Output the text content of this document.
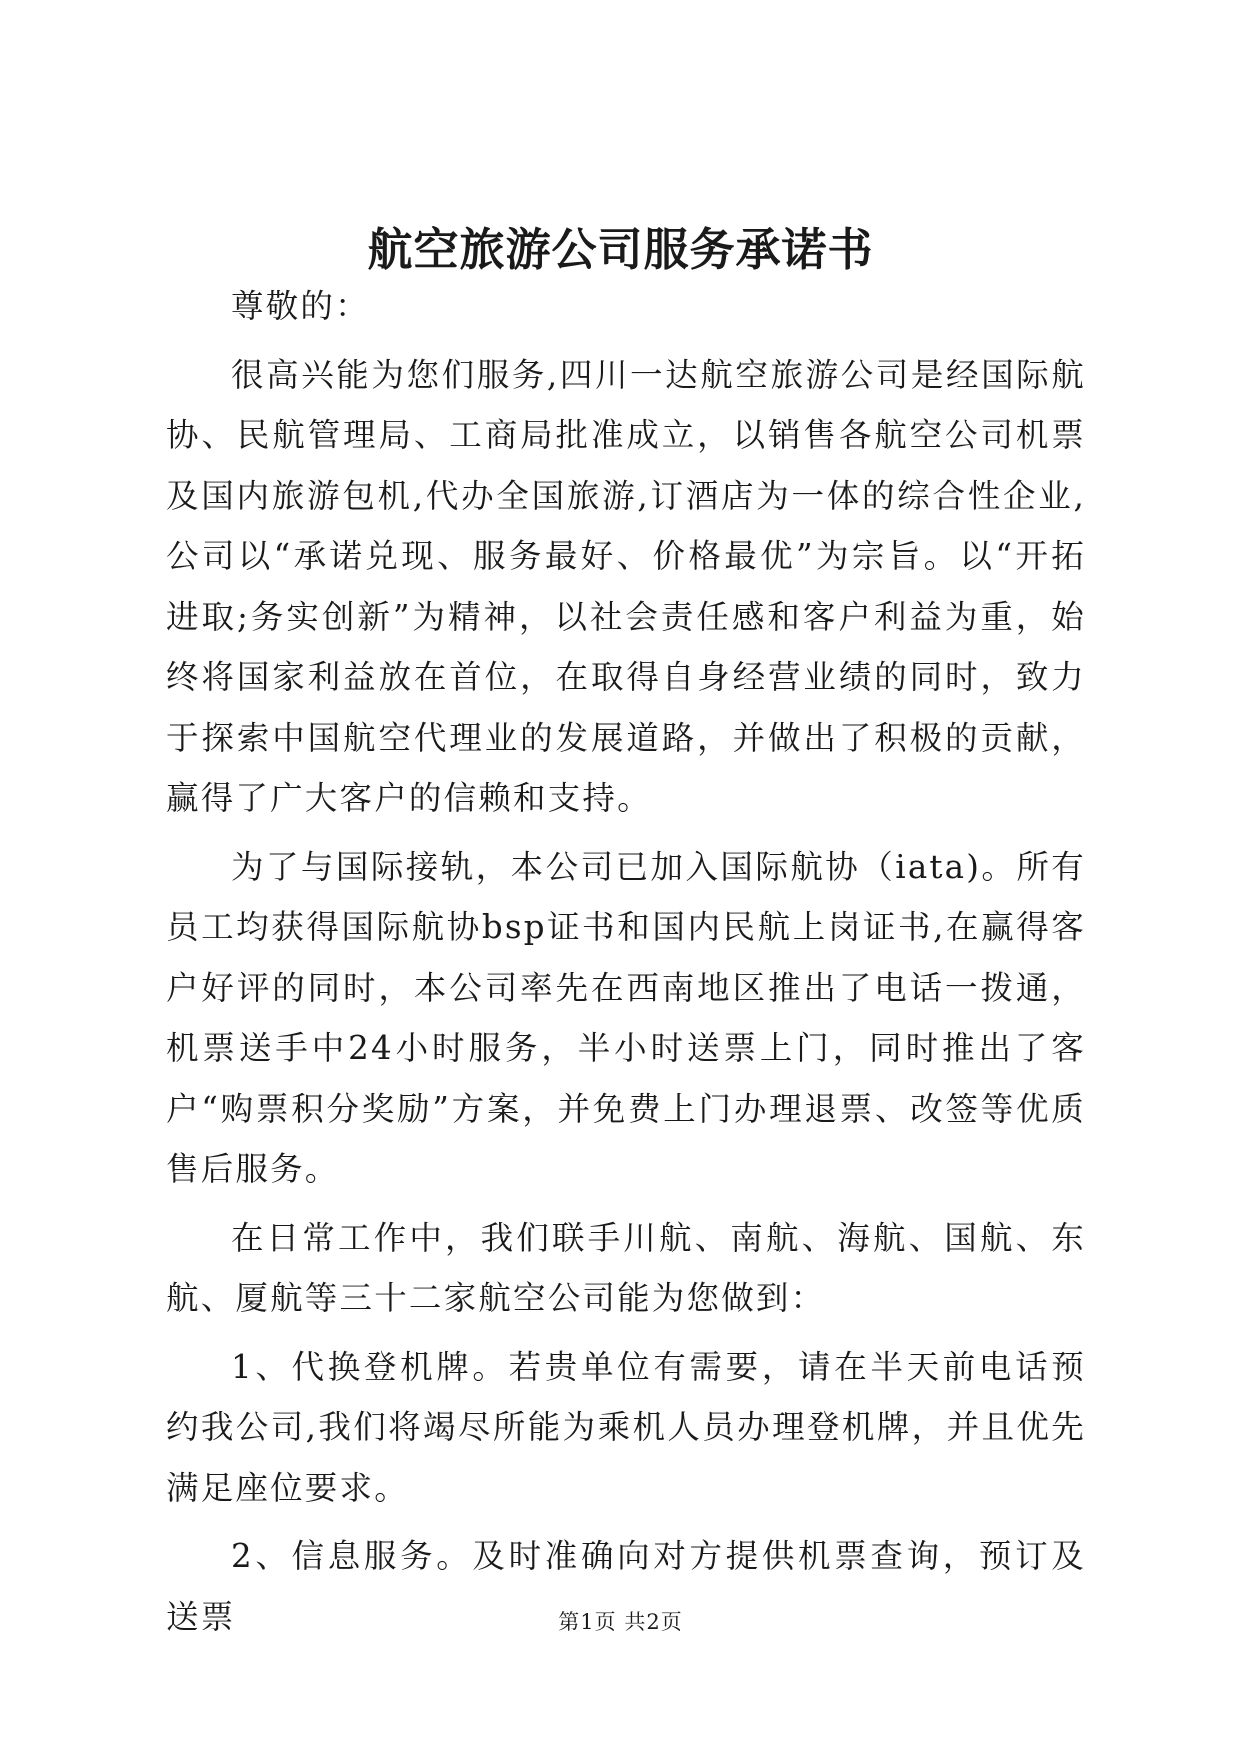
航空旅游公司服务承诺书

尊敬的：

很高兴能为您们服务,四川一达航空旅游公司是经国际航协、民航管理局、工商局批准成立，以销售各航空公司机票及国内旅游包机,代办全国旅游,订酒店为一体的综合性企业,公司以“承诺兑现、服务最好、价格最优”为宗旨。以“开拓进取;务实创新”为精神，以社会责任感和客户利益为重，始终将国家利益放在首位，在取得自身经营业绩的同时，致力于探索中国航空代理业的发展道路，并做出了积极的贡献，赢得了广大客户的信赖和支持。

为了与国际接轨，本公司已加入国际航协（iata)。所有员工均获得国际航协bsp证书和国内民航上岗证书,在赢得客户好评的同时，本公司率先在西南地区推出了电话一拨通，机票送手中24小时服务，半小时送票上门，同时推出了客户“购票积分奖励”方案，并免费上门办理退票、改签等优质售后服务。

在日常工作中，我们联手川航、南航、海航、国航、东航、厦航等三十二家航空公司能为您做到：

1、代换登机牌。若贵单位有需要，请在半天前电话预约我公司,我们将竭尽所能为乘机人员办理登机牌，并且优先满足座位要求。

2、信息服务。及时准确向对方提供机票查询，预订及送票	第1页 共2页
